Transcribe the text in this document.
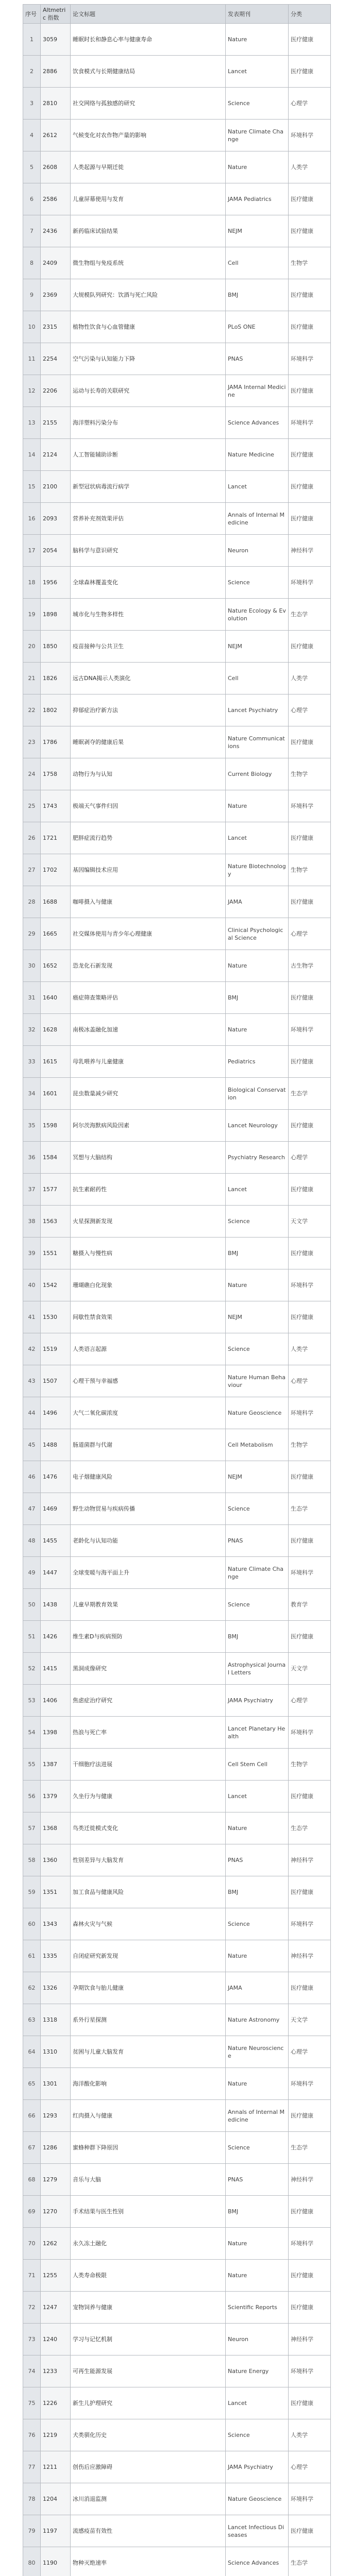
序号	Altmetric 指数	论文标题	发表期刊	分类
1	3059	睡眠时长和静息心率与健康寿命	Nature	医疗健康
2	2886	饮食模式与长期健康结局	Lancet	医疗健康
3	2810	社交网络与孤独感的研究	Science	心理学
4	2612	气候变化对农作物产量的影响	Nature Climate Change	环境科学
5	2608	人类起源与早期迁徙	Nature	人类学
6	2586	儿童屏幕使用与发育	JAMA Pediatrics	医疗健康
7	2436	新药临床试验结果	NEJM	医疗健康
8	2409	微生物组与免疫系统	Cell	生物学
9	2369	大规模队列研究：饮酒与死亡风险	BMJ	医疗健康
10	2315	植物性饮食与心血管健康	PLoS ONE	医疗健康
11	2254	空气污染与认知能力下降	PNAS	环境科学
12	2206	运动与长寿的关联研究	JAMA Internal Medicine	医疗健康
13	2155	海洋塑料污染分布	Science Advances	环境科学
14	2124	人工智能辅助诊断	Nature Medicine	医疗健康
15	2100	新型冠状病毒流行病学	Lancet	医疗健康
16	2093	营养补充剂效果评估	Annals of Internal Medicine	医疗健康
17	2054	脑科学与意识研究	Neuron	神经科学
18	1956	全球森林覆盖变化	Science	环境科学
19	1898	城市化与生物多样性	Nature Ecology & Evolution	生态学
20	1850	疫苗接种与公共卫生	NEJM	医疗健康
21	1826	远古DNA揭示人类演化	Cell	人类学
22	1802	抑郁症治疗新方法	Lancet Psychiatry	心理学
23	1786	睡眠剥夺的健康后果	Nature Communications	医疗健康
24	1758	动物行为与认知	Current Biology	生物学
25	1743	极端天气事件归因	Nature	环境科学
26	1721	肥胖症流行趋势	Lancet	医疗健康
27	1702	基因编辑技术应用	Nature Biotechnology	生物学
28	1688	咖啡摄入与健康	JAMA	医疗健康
29	1665	社交媒体使用与青少年心理健康	Clinical Psychological Science	心理学
30	1652	恐龙化石新发现	Nature	古生物学
31	1640	癌症筛查策略评估	BMJ	医疗健康
32	1628	南极冰盖融化加速	Nature	环境科学
33	1615	母乳喂养与儿童健康	Pediatrics	医疗健康
34	1601	昆虫数量减少研究	Biological Conservation	生态学
35	1598	阿尔茨海默病风险因素	Lancet Neurology	医疗健康
36	1584	冥想与大脑结构	Psychiatry Research	心理学
37	1577	抗生素耐药性	Lancet	医疗健康
38	1563	火星探测新发现	Science	天文学
39	1551	糖摄入与慢性病	BMJ	医疗健康
40	1542	珊瑚礁白化现象	Nature	环境科学
41	1530	间歇性禁食效果	NEJM	医疗健康
42	1519	人类语言起源	Science	人类学
43	1507	心理干预与幸福感	Nature Human Behaviour	心理学
44	1496	大气二氧化碳浓度	Nature Geoscience	环境科学
45	1488	肠道菌群与代谢	Cell Metabolism	生物学
46	1476	电子烟健康风险	NEJM	医疗健康
47	1469	野生动物贸易与疾病传播	Science	生态学
48	1455	老龄化与认知功能	PNAS	医疗健康
49	1447	全球变暖与海平面上升	Nature Climate Change	环境科学
50	1438	儿童早期教育效果	Science	教育学
51	1426	维生素D与疾病预防	BMJ	医疗健康
52	1415	黑洞成像研究	Astrophysical Journal Letters	天文学
53	1406	焦虑症治疗研究	JAMA Psychiatry	心理学
54	1398	热浪与死亡率	Lancet Planetary Health	环境科学
55	1387	干细胞疗法进展	Cell Stem Cell	生物学
56	1379	久坐行为与健康	Lancet	医疗健康
57	1368	鸟类迁徙模式变化	Nature	生态学
58	1360	性别差异与大脑发育	PNAS	神经科学
59	1351	加工食品与健康风险	BMJ	医疗健康
60	1343	森林火灾与气候	Science	环境科学
61	1335	自闭症研究新发现	Nature	神经科学
62	1326	孕期饮食与胎儿健康	JAMA	医疗健康
63	1318	系外行星探测	Nature Astronomy	天文学
64	1310	贫困与儿童大脑发育	Nature Neuroscience	心理学
65	1301	海洋酸化影响	Nature	环境科学
66	1293	红肉摄入与健康	Annals of Internal Medicine	医疗健康
67	1286	蜜蜂种群下降原因	Science	生态学
68	1279	音乐与大脑	PNAS	神经科学
69	1270	手术结果与医生性别	BMJ	医疗健康
70	1262	永久冻土融化	Nature	环境科学
71	1255	人类寿命极限	Nature	医疗健康
72	1247	宠物饲养与健康	Scientific Reports	医疗健康
73	1240	学习与记忆机制	Neuron	神经科学
74	1233	可再生能源发展	Nature Energy	环境科学
75	1226	新生儿护理研究	Lancet	医疗健康
76	1219	犬类驯化历史	Science	人类学
77	1211	创伤后应激障碍	JAMA Psychiatry	心理学
78	1204	冰川消退监测	Nature Geoscience	环境科学
79	1197	流感疫苗有效性	Lancet Infectious Diseases	医疗健康
80	1190	物种灭绝速率	Science Advances	生态学
